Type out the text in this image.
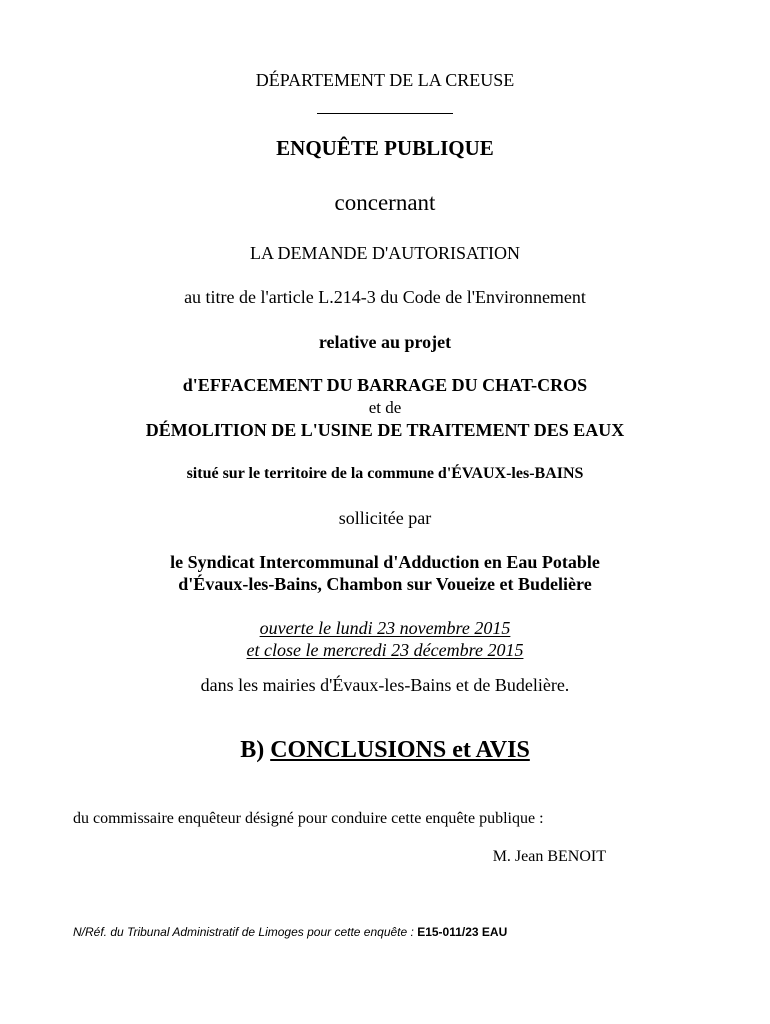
DÉPARTEMENT DE LA CREUSE
ENQUÊTE PUBLIQUE
concernant
LA DEMANDE D'AUTORISATION
au titre de l'article L.214-3 du Code de l'Environnement
relative au projet
d'EFFACEMENT DU BARRAGE DU CHAT-CROS
et de
DÉMOLITION DE L'USINE DE TRAITEMENT DES EAUX
situé sur le territoire de la commune d'ÉVAUX-les-BAINS
sollicitée par
le Syndicat Intercommunal d'Adduction en Eau Potable
d'Évaux-les-Bains, Chambon sur Voueize et Budelière
ouverte le lundi 23 novembre 2015
et close le mercredi 23 décembre 2015
dans les mairies d'Évaux-les-Bains et de Budelière.
B) CONCLUSIONS et AVIS
du commissaire enquêteur désigné pour conduire cette enquête publique :
M. Jean BENOIT
N/Réf. du Tribunal Administratif de Limoges pour cette enquête : E15-011/23 EAU
